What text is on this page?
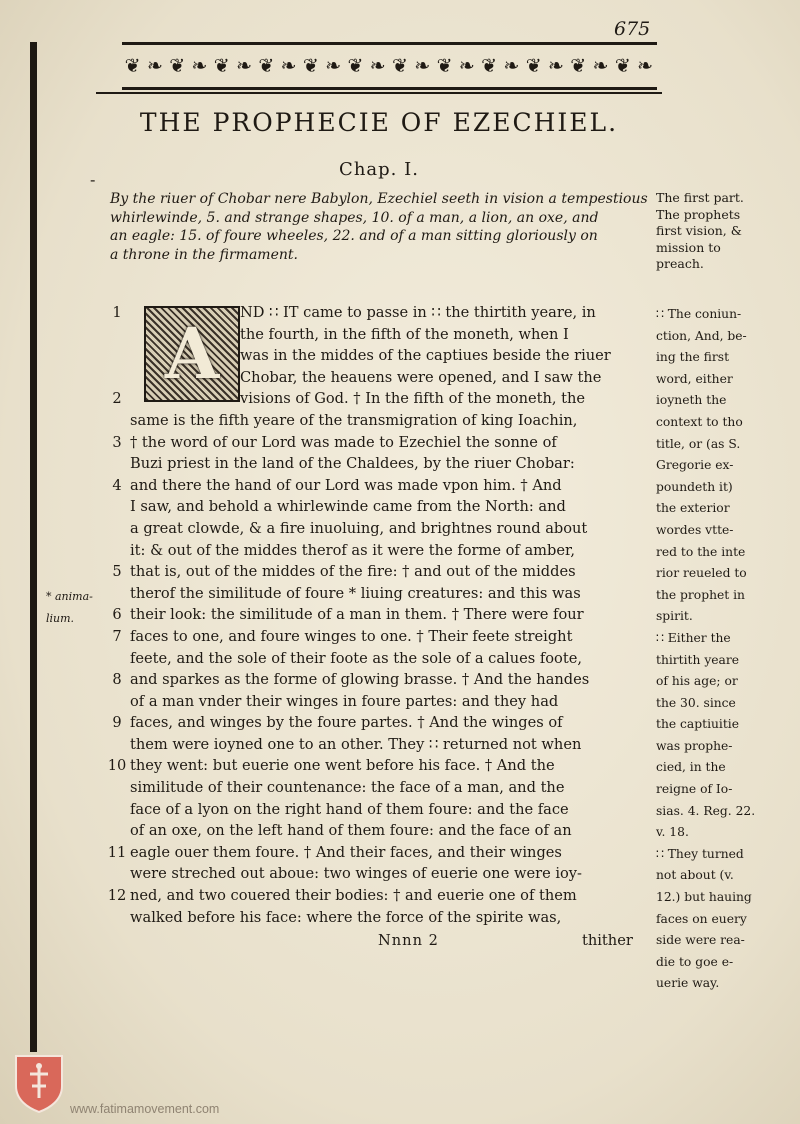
675
❦ ❧ ❦ ❧ ❦ ❧ ❦ ❧ ❦ ❧ ❦ ❧ ❦ ❧ ❦ ❧ ❦ ❧ ❦ ❧ ❦ ❧ ❦ ❧
THE PROPHECIE OF EZECHIEL.
Chap. I.
-
By the riuer of Chobar nere Babylon, Ezechiel seeth in vision a tempestious
whirlewinde, 5. and strange shapes, 10. of a man, a lion, an oxe, and
an eagle: 15. of foure wheeles, 22. and of a man sitting gloriously on
a throne in the firmament.
The first part.
The prophets
first vision, &
mission to
preach.
A
1
2
3
4
5
6
7
8
9
10
11
12
ND ∷ IT came to passe in ∷ the thirtith yeare, in
the fourth, in the fifth of the moneth, when I
was in the middes of the captiues beside the riuer
Chobar, the heauens were opened, and I saw the
visions of God. † In the fifth of the moneth, the
same is the fifth yeare of the transmigration of king Ioachin,
† the word of our Lord was made to Ezechiel the sonne of
Buzi priest in the land of the Chaldees, by the riuer Chobar:
and there the hand of our Lord was made vpon him. † And
I saw, and behold a whirlewinde came from the North: and
a great clowde, & a fire inuoluing, and brightnes round about
it: & out of the middes therof as it were the forme of amber,
that is, out of the middes of the fire: † and out of the middes
therof the similitude of foure * liuing creatures: and this was
their look: the similitude of a man in them. † There were four
faces to one, and foure winges to one. † Their feete streight
feete, and the sole of their foote as the sole of a calues foote,
and sparkes as the forme of glowing brasse. † And the handes
of a man vnder their winges in foure partes: and they had
faces, and winges by the foure partes. † And the winges of
them were ioyned one to an other. They ∷ returned not when
they went: but euerie one went before his face. † And the
similitude of their countenance: the face of a man, and the
face of a lyon on the right hand of them foure: and the face
of an oxe, on the left hand of them foure: and the face of an
eagle ouer them foure. † And their faces, and their winges
were streched out aboue: two winges of euerie one were ioy-
ned, and two couered their bodies: † and euerie one of them
walked before his face: where the force of the spirite was,
∷ The coniun-
ction, And, be-
ing the first
word, either
ioyneth the
context to tho
title, or (as S.
Gregorie ex-
poundeth it)
the exterior
wordes vtte-
red to the inte
rior reueled to
the prophet in
spirit.
∷ Either the
thirtith yeare
of his age; or
the 30. since
the captiuitie
was prophe-
cied, in the
reigne of Io-
sias. 4. Reg. 22.
v. 18.
∷ They turned
not about (v.
12.) but hauing
faces on euery
side were rea-
die to goe e-
uerie way.
* anima-
lium.
Nnnn 2	thither
www.fatimamovement.com
